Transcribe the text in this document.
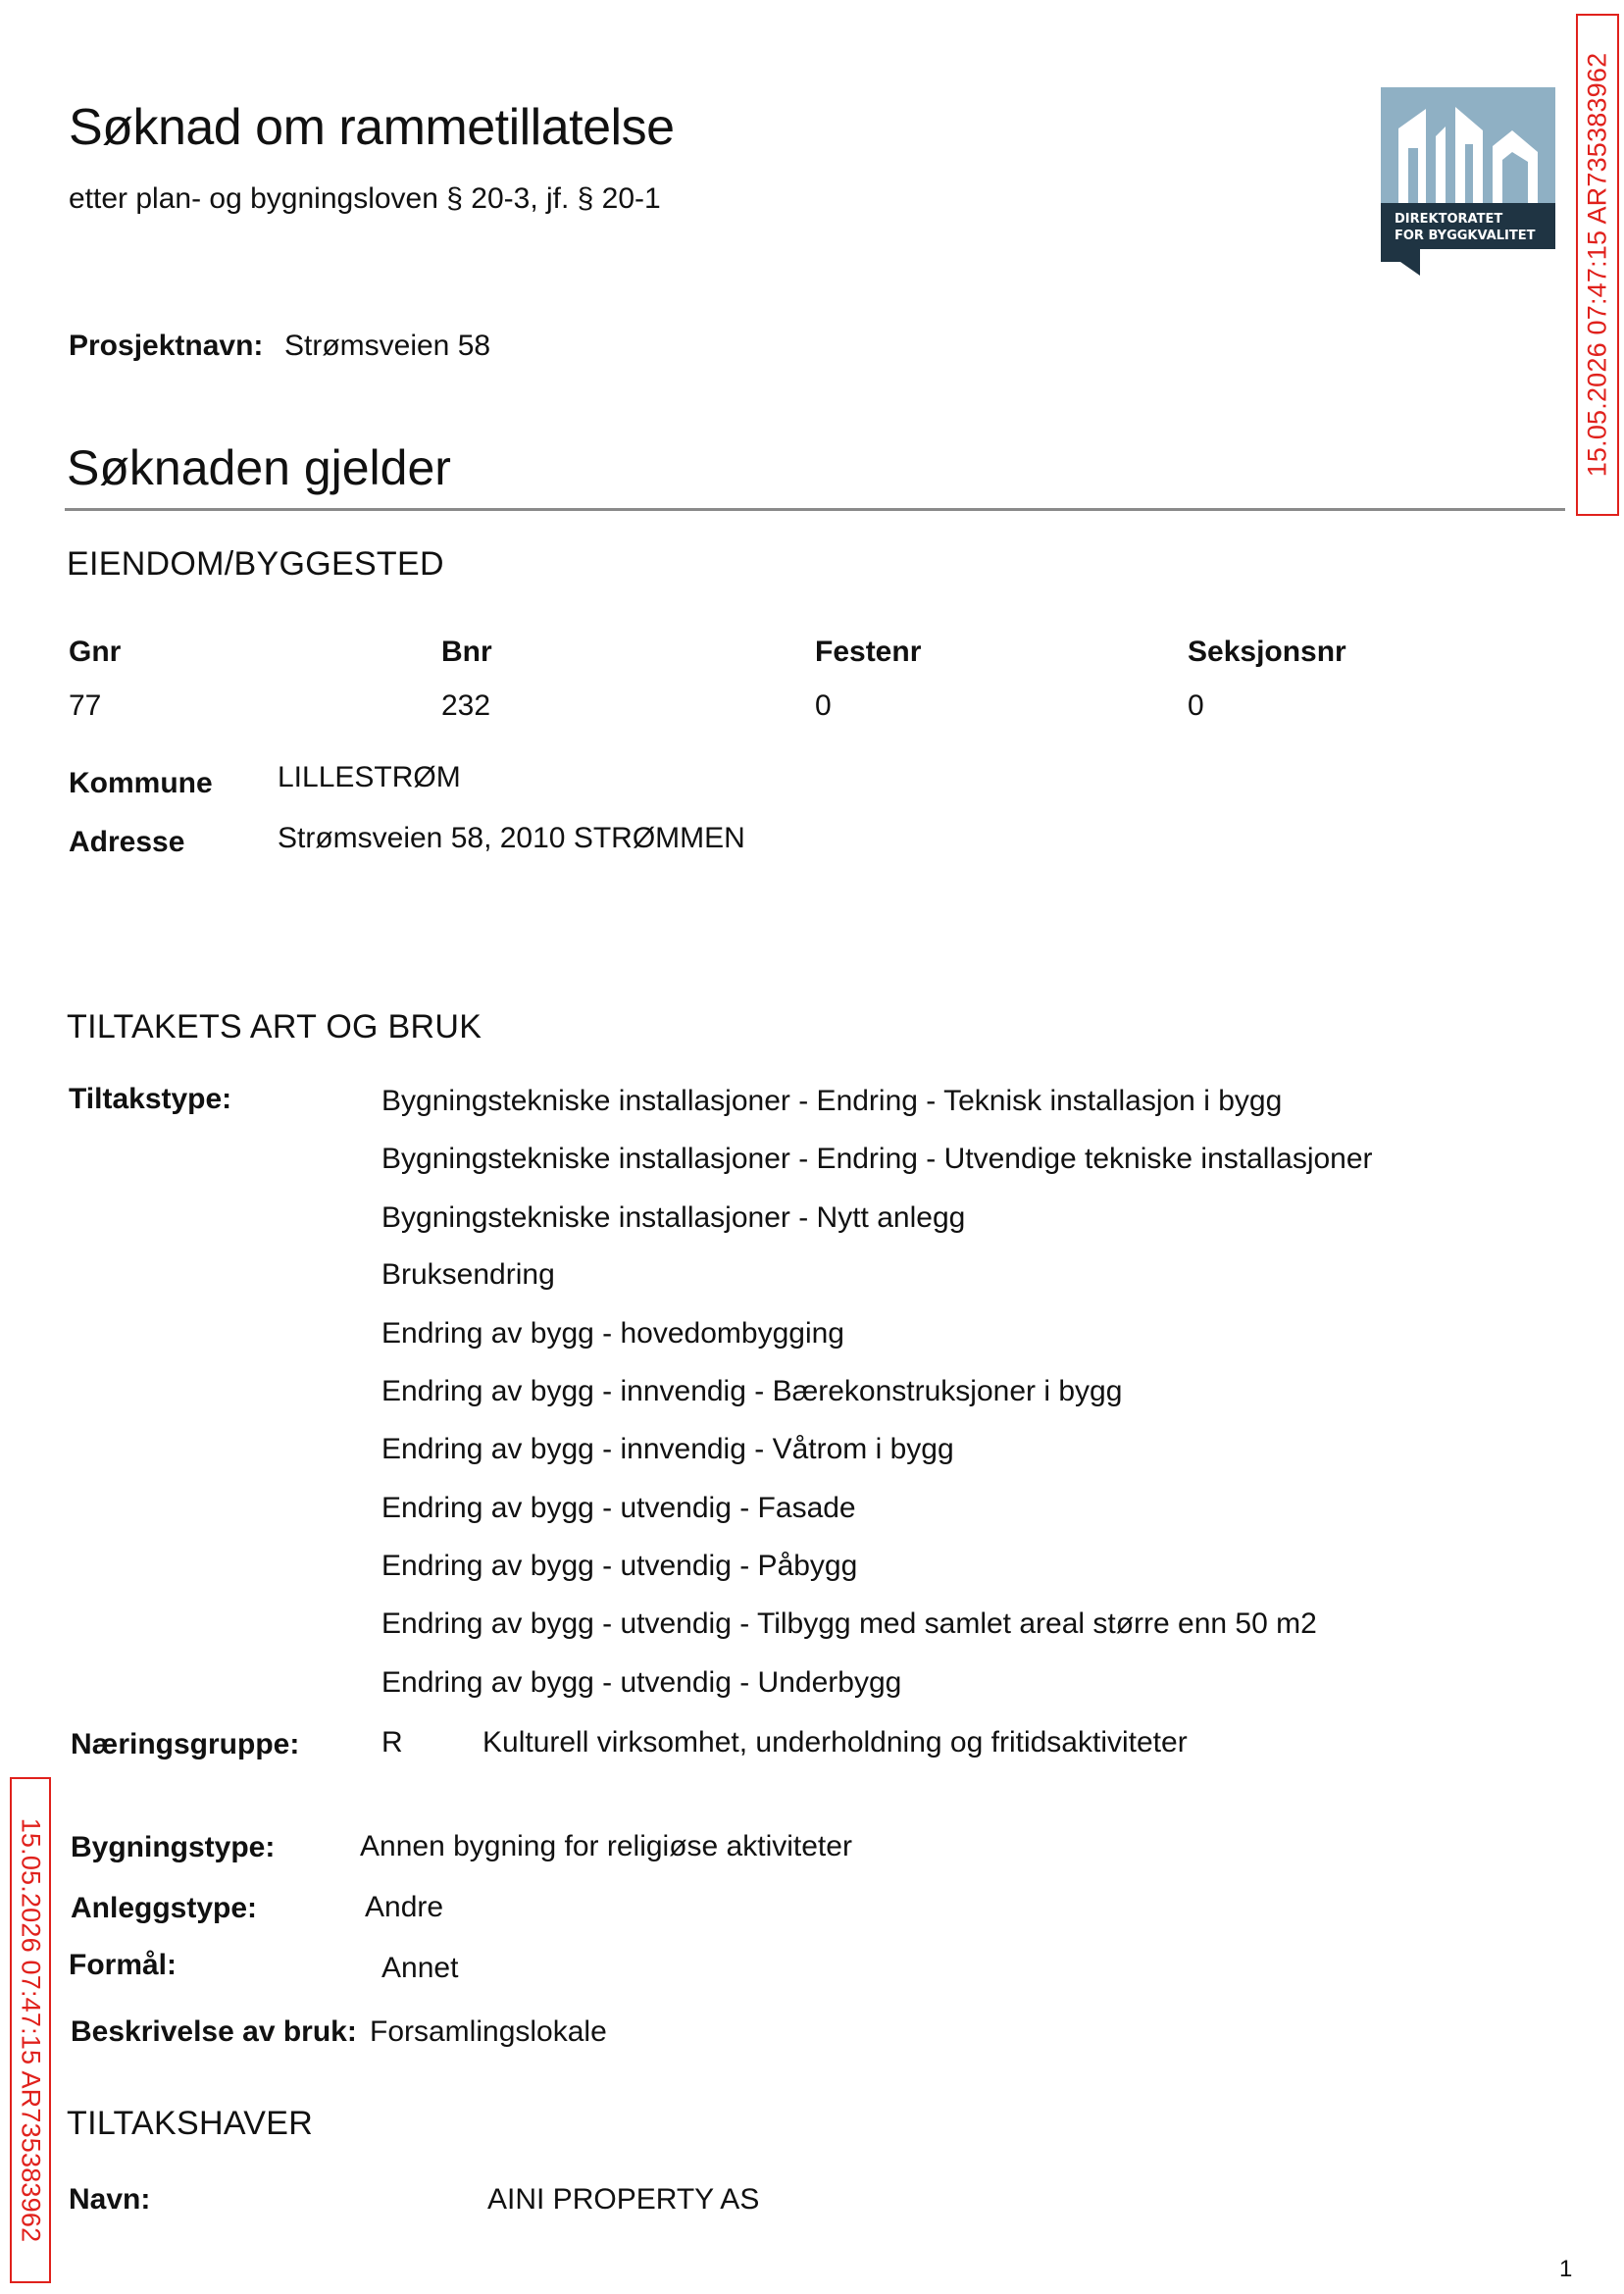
Søknad om rammetillatelse
etter plan- og bygningsloven § 20-3, jf. § 20-1
Prosjektnavn: Strømsveien 58
DIREKTORATET
FOR BYGGKVALITET 15.05.2026 07:47:15 AR735383962
15.05.2026 07:47:15 AR735383962
Søknaden gjelder
EIENDOM/BYGGESTED
Gnr	Bnr	Festenr	Seksjonsnr
77	232	0	0
Kommune LILLESTRØM
Adresse	Strømsveien 58, 2010 STRØMMEN
TILTAKETS ART OG BRUK
Tiltakstype:	Bygningstekniske installasjoner - Endring - Teknisk installasjon i bygg
Bygningstekniske installasjoner - Endring - Utvendige tekniske installasjoner
Bygningstekniske installasjoner - Nytt anlegg
Bruksendring
Endring av bygg - hovedombygging
Endring av bygg - innvendig - Bærekonstruksjoner i bygg
Endring av bygg - innvendig - Våtrom i bygg
Endring av bygg - utvendig - Fasade
Endring av bygg - utvendig - Påbygg
Endring av bygg - utvendig - Tilbygg med samlet areal større enn 50 m2
Endring av bygg - utvendig - Underbygg
Næringsgruppe:	R	Kulturell virksomhet, underholdning og fritidsaktiviteter
Bygningstype:	Annen bygning for religiøse aktiviteter
Anleggstype:	Andre
Formål:	Annet
Beskrivelse av bruk: Forsamlingslokale
TILTAKSHAVER
Navn:	AINI PROPERTY AS
1
